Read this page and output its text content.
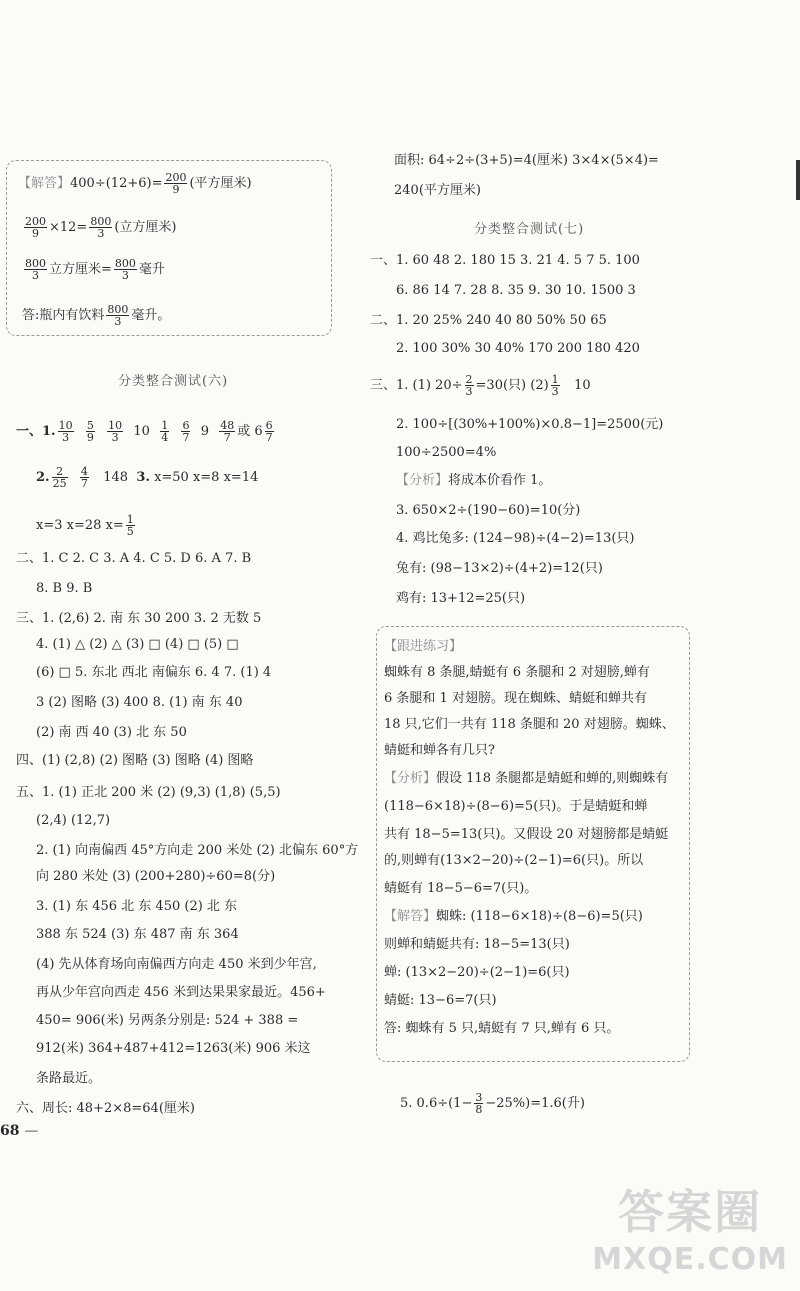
【解答】$400\div(12+6)= \frac{200}{9}$ (平方厘米)
$\frac{200}{9} \times 12= \frac{800}{3}$ (立方厘米)
$\frac{800}{3}$ 立方厘米= $\frac{800}{3}$ 毫升
答:瓶内有饮料 $\frac{800}{3}$ 毫升。
分类整合测试(六)
一、1. $\frac{10}{3}$
$\frac{5}{9}$
$\frac{10}{3} 10 \frac{1}{4}$
$\frac{6}{7} 9 \frac{48}{7}$ 或 $6 \frac{6}{7}$
2. $\frac{2}{25}$
$\frac{4}{7} 148$ 3. x=50 x=8 x=14
x=3 x=28 $x= \frac{1}{5}$
二、1. C 2. C 3. A 4. C 5. D 6. A 7. B
8. B 9. B
三、1. (2,6) 2. 南 东 30 200 3. 2 无数 5
4. (1) △ (2) △ (3) □ (4) □ (5) □
(6) □ 5. 东北 西北 南偏东 6. 4 7. (1) 4
3 (2) 图略 (3) 400 8. (1) 南 东 40
(2) 南 西 40 (3) 北 东 50
四、(1) (2,8) (2) 图略 (3) 图略 (4) 图略
五、1. (1) 正北 200 米 (2) (9,3) (1,8) (5,5)
(2,4) (12,7)
2. (1) 向南偏西 45°方向走 200 米处 (2) 北偏东 60°方
向 280 米处 (3) (200+280)÷60=8(分)
3. (1) 东 456 北 东 450 (2) 北 东
388 东 524 (3) 东 487 南 东 364
(4) 先从体育场向南偏西方向走 450 米到少年宫,
再从少年宫向西走 456 米到达果果家最近。456+
450= 906(米) 另两条分别是: 524 + 388 =
912(米) 364+487+412=1263(米) 906 米这
条路最近。
六、周长: 48+2×8=64(厘米)
68 —
面积: 64÷2÷(3+5)=4(厘米) 3×4×(5×4)=
240(平方厘米)
分类整合测试(七)
一、1. 60 48 2. 180 15 3. 21 4. 5 7 5. 100
6. 86 14 7. 28 8. 35 9. 30 10. 1500 3
二、1. 20 25% 240 40 80 50% 50 65
2. 100 30% 30 40% 170 200 180 420
三、1. (1) $20\div \frac{2}{3} =30$(只) $(2) \frac{1}{3} 10$
2. 100÷[(30%+100%)×0.8−1]=2500(元)
100÷2500=4%
【分析】将成本价看作 1。
3. 650×2÷(190−60)=10(分)
4. 鸡比兔多: (124−98)÷(4−2)=13(只)
兔有: (98−13×2)÷(4+2)=12(只)
鸡有: 13+12=25(只)
【跟进练习】
蜘蛛有 8 条腿,蜻蜓有 6 条腿和 2 对翅膀,蝉有
6 条腿和 1 对翅膀。现在蜘蛛、蜻蜓和蝉共有
18 只,它们一共有 118 条腿和 20 对翅膀。蜘蛛、
蜻蜓和蝉各有几只?
【分析】假设 118 条腿都是蜻蜓和蝉的,则蜘蛛有
(118−6×18)÷(8−6)=5(只)。于是蜻蜓和蝉
共有 18−5=13(只)。又假设 20 对翅膀都是蜻蜓
的,则蝉有(13×2−20)÷(2−1)=6(只)。所以
蜻蜓有 18−5−6=7(只)。
【解答】蜘蛛: (118−6×18)÷(8−6)=5(只)
则蝉和蜻蜓共有: 18−5=13(只)
蝉: (13×2−20)÷(2−1)=6(只)
蜻蜓: 13−6=7(只)
答: 蜘蛛有 5 只,蜻蜓有 7 只,蝉有 6 只。
5. $0.6\div(1- \frac{3}{8} -25\%)=1.6$(升)
答案圈
MXQE.COM
